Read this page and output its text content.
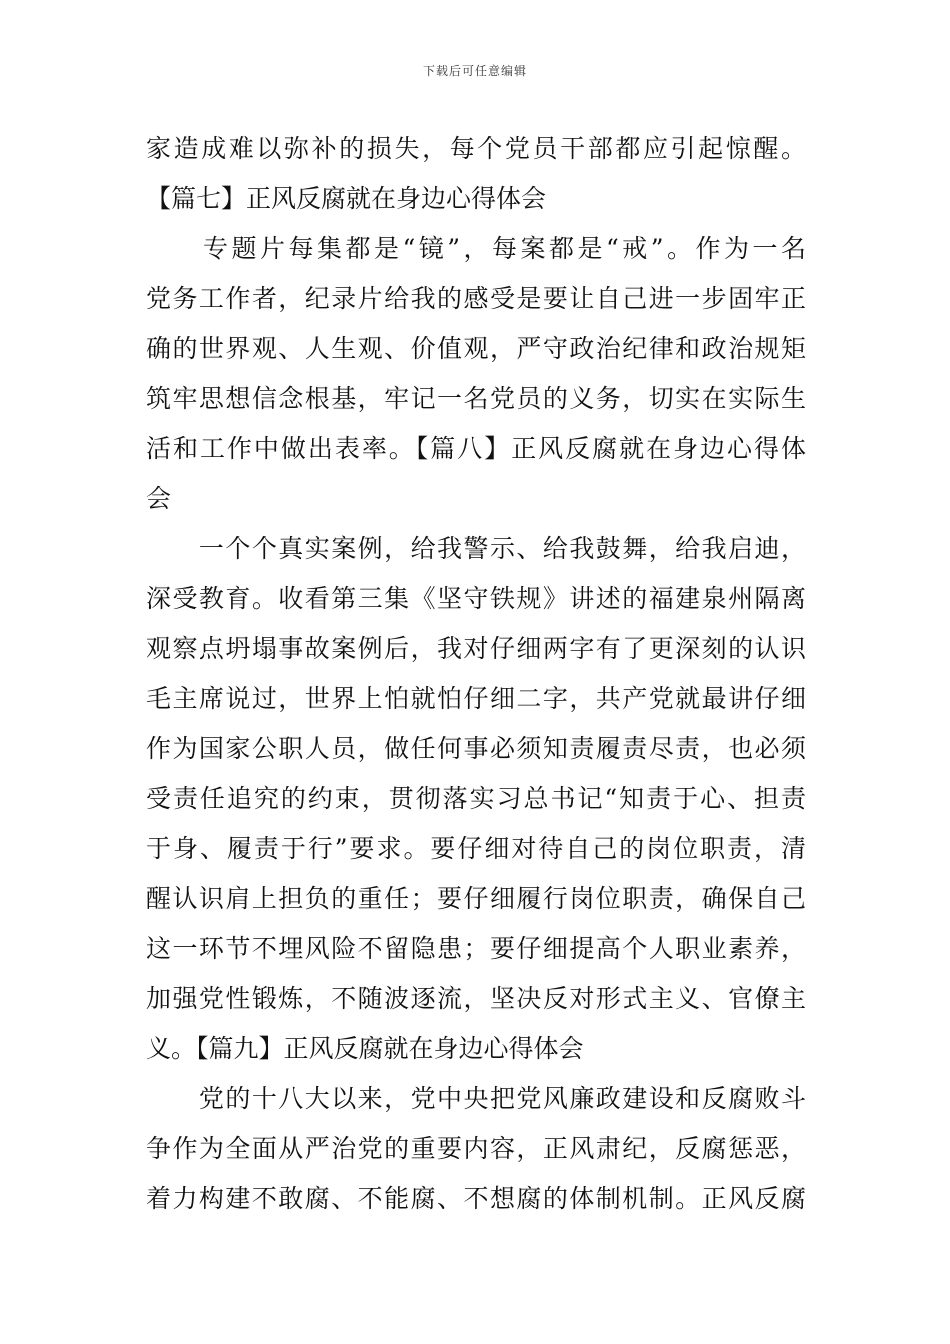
下载后可任意编辑
家造成难以弥补的损失，每个党员干部都应引起惊醒。
【篇七】正风反腐就在身边心得体会
　　专题片每集都是“镜”，每案都是“戒”。作为一名
党务工作者，纪录片给我的感受是要让自己进一步固牢正
确的世界观、人生观、价值观，严守政治纪律和政治规矩
筑牢思想信念根基，牢记一名党员的义务，切实在实际生
活和工作中做出表率。【篇八】正风反腐就在身边心得体
会
　　一个个真实案例，给我警示、给我鼓舞，给我启迪，
深受教育。收看第三集《坚守铁规》讲述的福建泉州隔离
观察点坍塌事故案例后，我对仔细两字有了更深刻的认识
毛主席说过，世界上怕就怕仔细二字，共产党就最讲仔细
作为国家公职人员，做任何事必须知责履责尽责，也必须
受责任追究的约束，贯彻落实习总书记“知责于心、担责
于身、履责于行”要求。要仔细对待自己的岗位职责，清
醒认识肩上担负的重任；要仔细履行岗位职责，确保自己
这一环节不埋风险不留隐患；要仔细提高个人职业素养，
加强党性锻炼，不随波逐流，坚决反对形式主义、官僚主
义。【篇九】正风反腐就在身边心得体会
　　党的十八大以来，党中央把党风廉政建设和反腐败斗
争作为全面从严治党的重要内容，正风肃纪，反腐惩恶，
着力构建不敢腐、不能腐、不想腐的体制机制。正风反腐
